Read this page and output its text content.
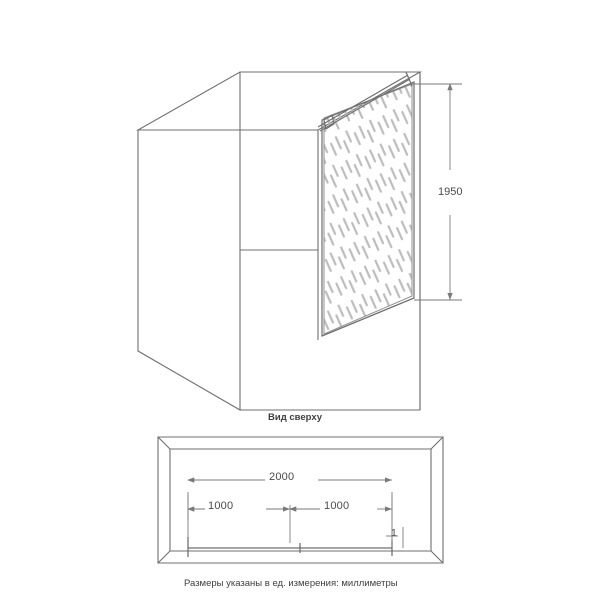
1950
Вид сверху
2000
1000	1000
1
Размеры указаны в ед. измерения: миллиметры
